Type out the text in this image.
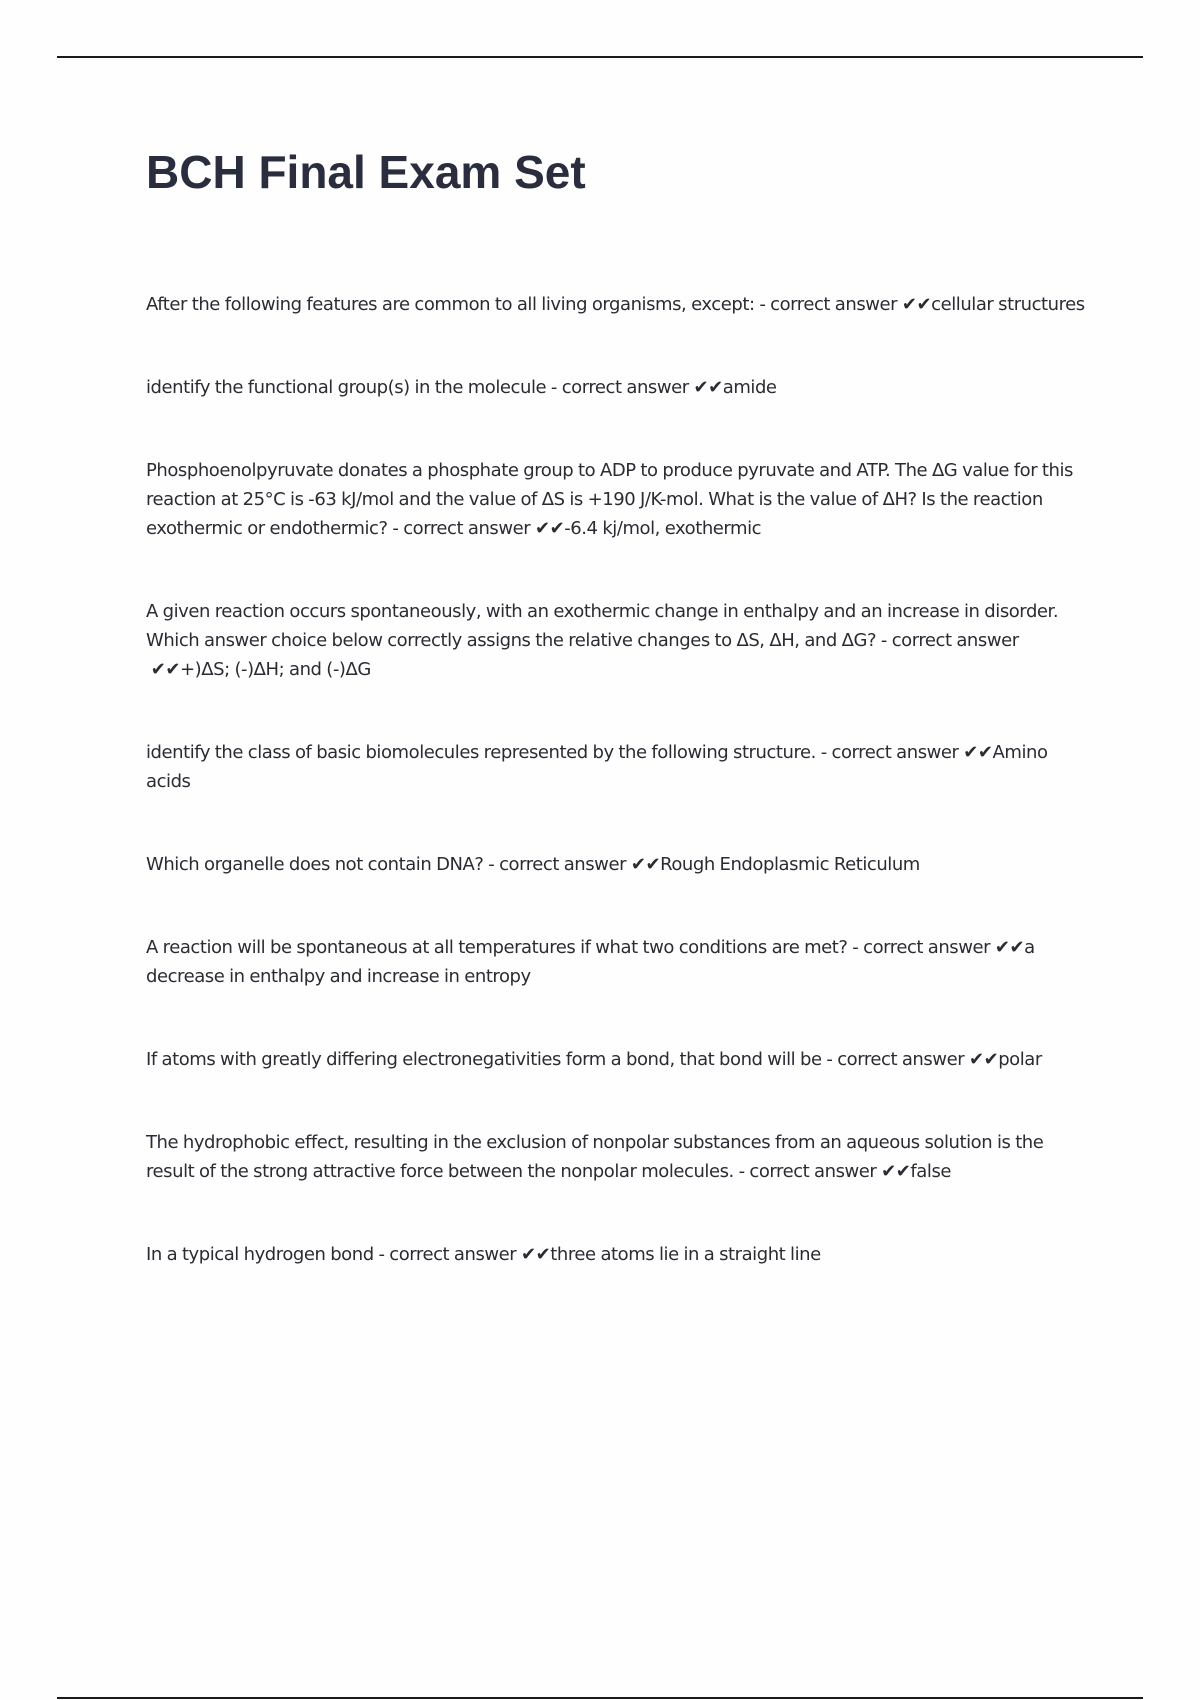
BCH Final Exam Set
After the following features are common to all living organisms, except: - correct answer ✔✔cellular structures
identify the functional group(s) in the molecule - correct answer ✔✔amide
Phosphoenolpyruvate donates a phosphate group to ADP to produce pyruvate and ATP. The ΔG value for this reaction at 25°C is -63 kJ/mol and the value of ΔS is +190 J/K-mol. What is the value of ΔH? Is the reaction exothermic or endothermic? - correct answer ✔✔-6.4 kj/mol, exothermic
A given reaction occurs spontaneously, with an exothermic change in enthalpy and an increase in disorder. Which answer choice below correctly assigns the relative changes to ΔS, ΔH, and ΔG? - correct answer ✔✔+)ΔS; (-)ΔH; and (-)ΔG
identify the class of basic biomolecules represented by the following structure. - correct answer ✔✔Amino acids
Which organelle does not contain DNA? - correct answer ✔✔Rough Endoplasmic Reticulum
A reaction will be spontaneous at all temperatures if what two conditions are met? - correct answer ✔✔a decrease in enthalpy and increase in entropy
If atoms with greatly differing electronegativities form a bond, that bond will be - correct answer ✔✔polar
The hydrophobic effect, resulting in the exclusion of nonpolar substances from an aqueous solution is the result of the strong attractive force between the nonpolar molecules. - correct answer ✔✔false
In a typical hydrogen bond - correct answer ✔✔three atoms lie in a straight line
